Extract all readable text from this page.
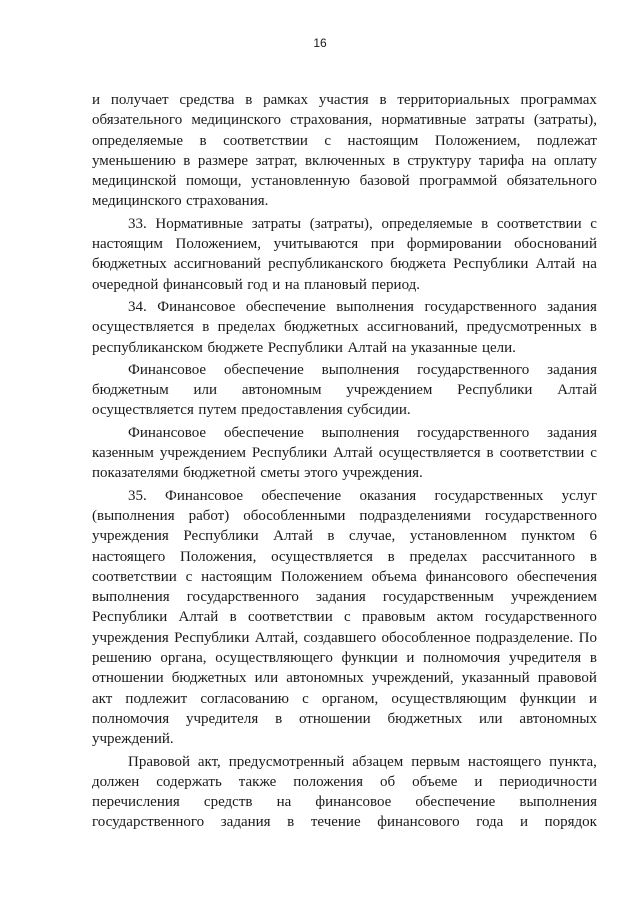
16
и получает средства в рамках участия в территориальных программах
обязательного медицинского страхования, нормативные затраты (затраты),
определяемые в соответствии с настоящим Положением, подлежат
уменьшению в размере затрат, включенных в структуру тарифа на оплату
медицинской помощи, установленную базовой программой обязательного
медицинского страхования.
33. Нормативные затраты (затраты), определяемые в соответствии с
настоящим Положением, учитываются при формировании обоснований
бюджетных ассигнований республиканского бюджета Республики Алтай на
очередной финансовый год и на плановый период.
34. Финансовое обеспечение выполнения государственного задания
осуществляется в пределах бюджетных ассигнований, предусмотренных в
республиканском бюджете Республики Алтай на указанные цели.
Финансовое обеспечение выполнения государственного задания
бюджетным или автономным учреждением Республики Алтай
осуществляется путем предоставления субсидии.
Финансовое обеспечение выполнения государственного задания
казенным учреждением Республики Алтай осуществляется в соответствии с
показателями бюджетной сметы этого учреждения.
35. Финансовое обеспечение оказания государственных услуг
(выполнения работ) обособленными подразделениями государственного
учреждения Республики Алтай в случае, установленном пунктом 6
настоящего Положения, осуществляется в пределах рассчитанного в
соответствии с настоящим Положением объема финансового обеспечения
выполнения государственного задания государственным учреждением
Республики Алтай в соответствии с правовым актом государственного
учреждения Республики Алтай, создавшего обособленное подразделение. По
решению органа, осуществляющего функции и полномочия учредителя в
отношении бюджетных или автономных учреждений, указанный правовой
акт подлежит согласованию с органом, осуществляющим функции и
полномочия учредителя в отношении бюджетных или автономных
учреждений.
Правовой акт, предусмотренный абзацем первым настоящего пункта,
должен содержать также положения об объеме и периодичности
перечисления средств на финансовое обеспечение выполнения
государственного задания в течение финансового года и порядок
